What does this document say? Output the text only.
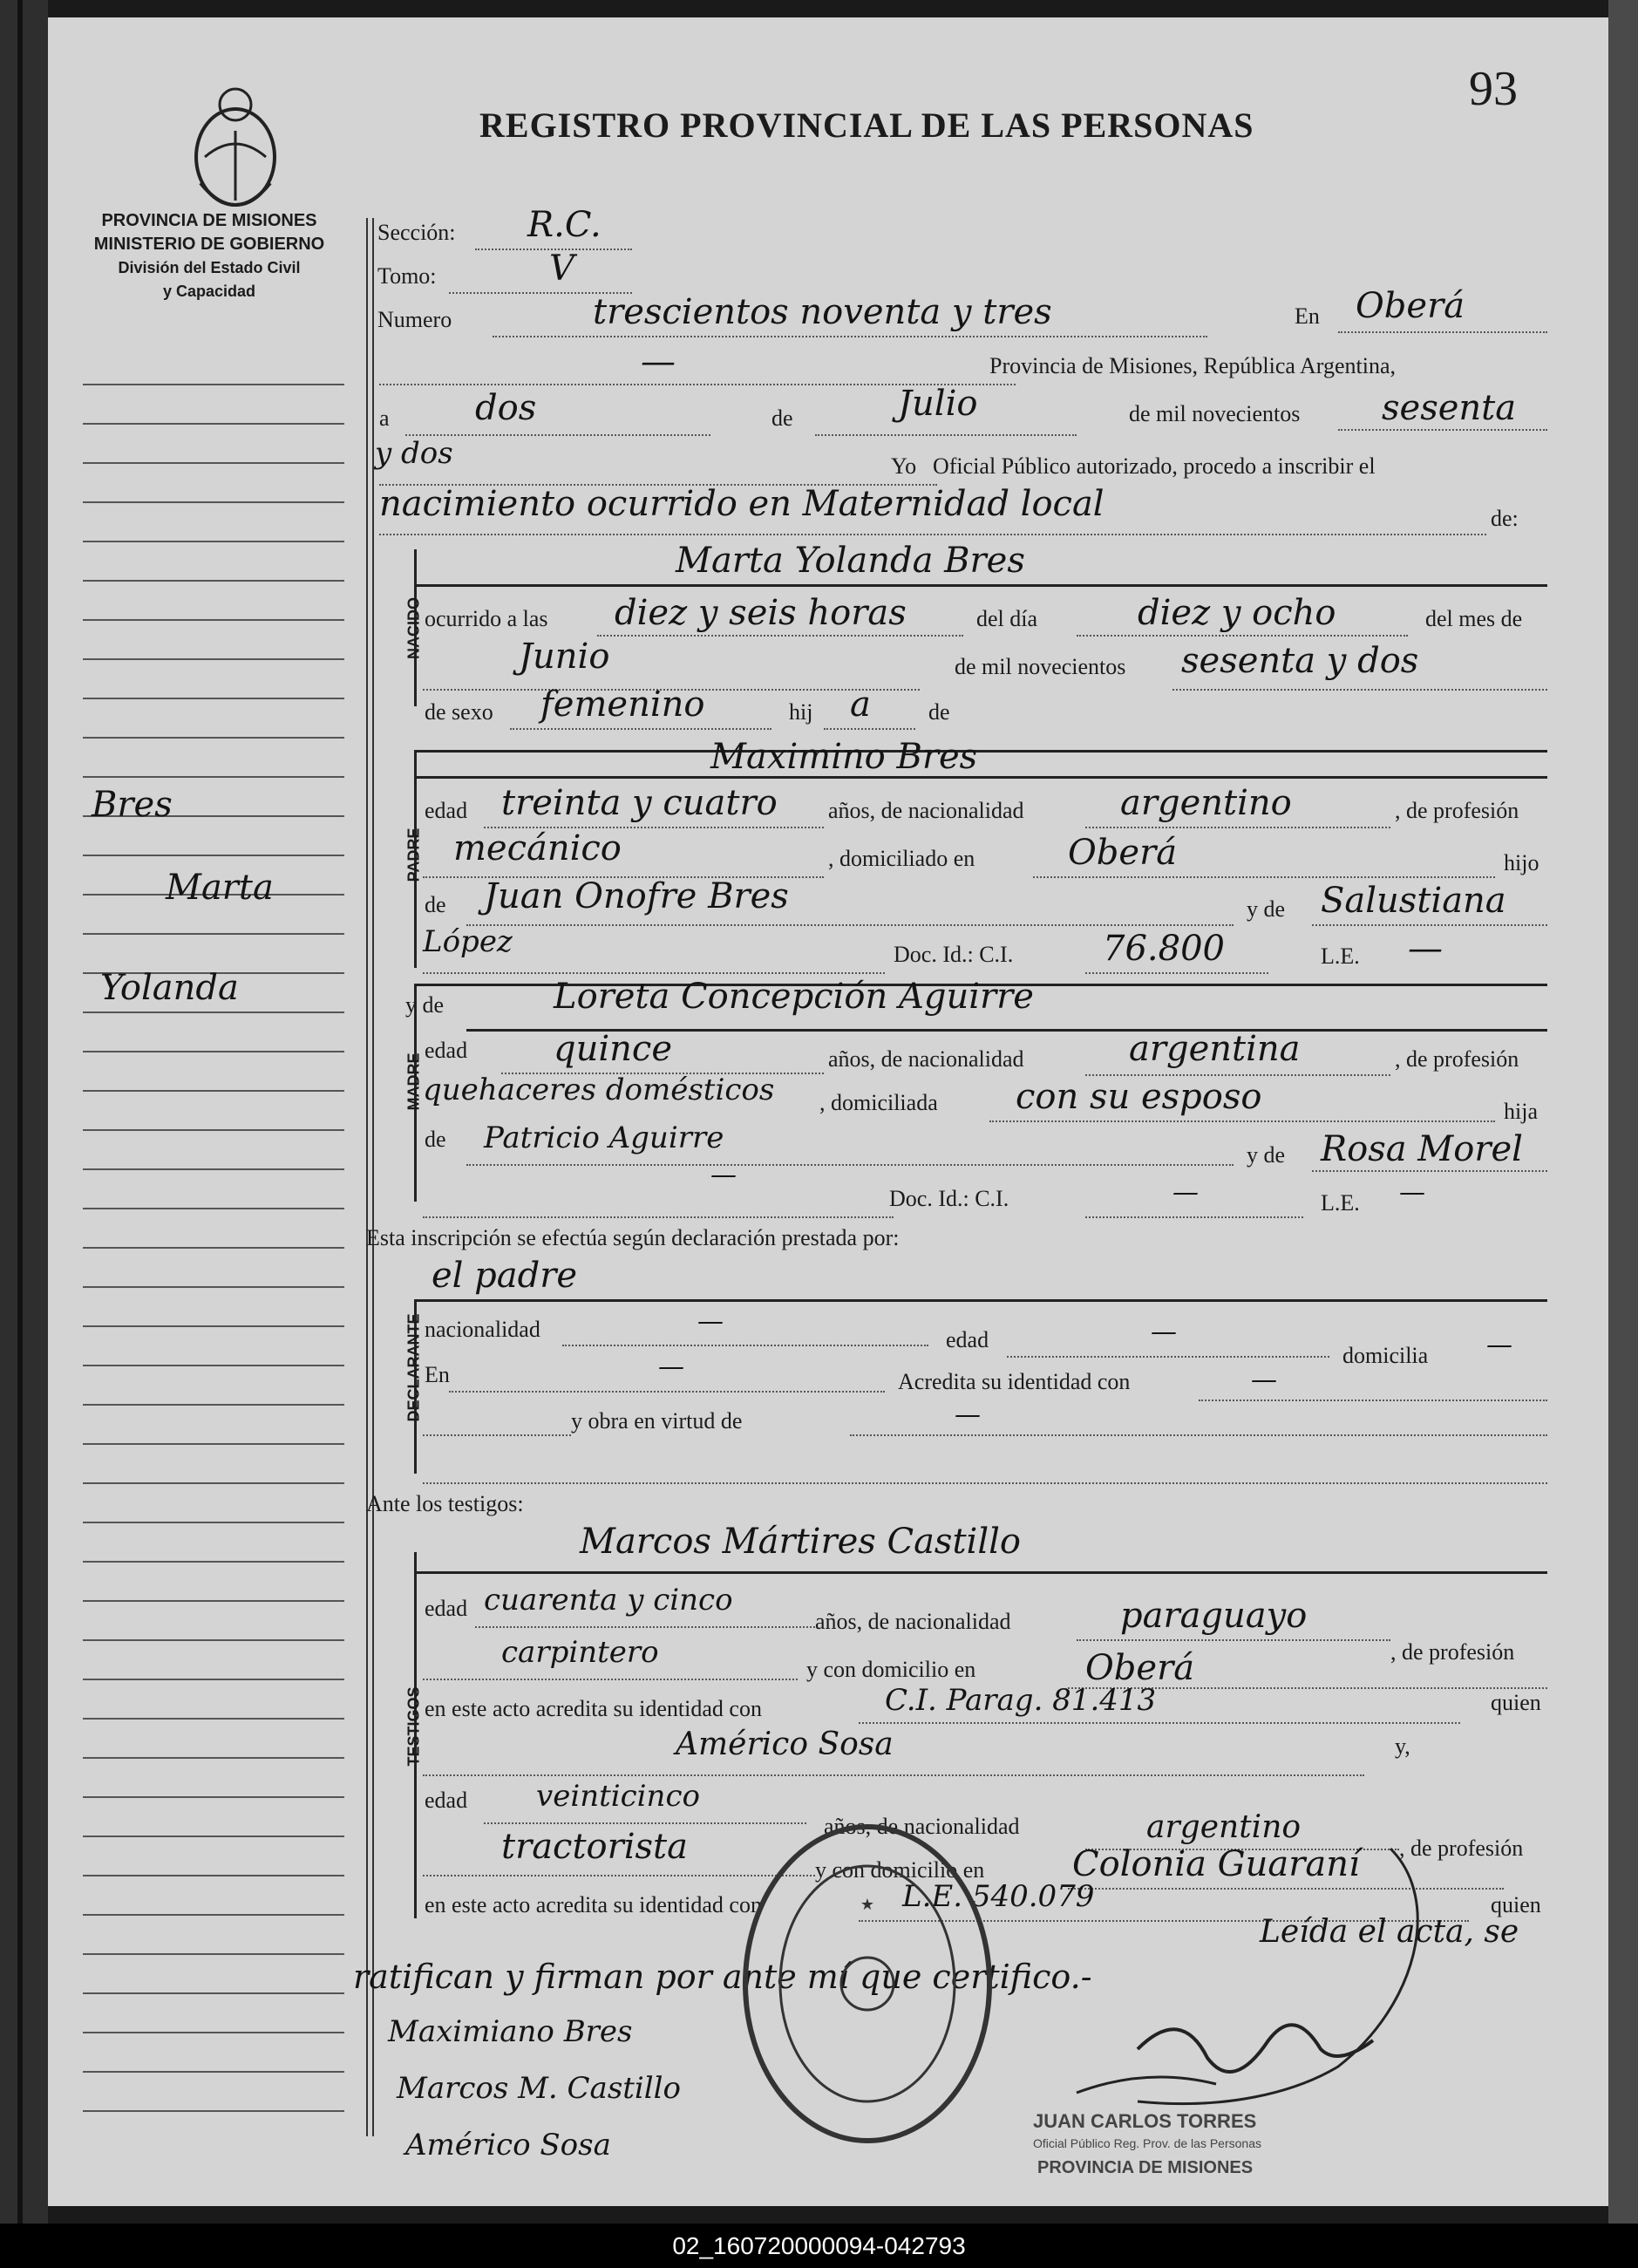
PROVINCIA DE MISIONES
MINISTERIO DE GOBIERNO
División del Estado Civil
y Capacidad
REGISTRO PROVINCIAL DE LAS PERSONAS
93
Bres
Marta
Yolanda
Sección: R.C.
Tomo:	V
Numero	trescientos noventa y tres	En Oberá
—	Provincia de Misiones, República Argentina,
a dos	de	Julio	de mil novecientos sesenta
y dos	Yo Oficial Público autorizado, procedo a inscribir el
nacimiento ocurrido en Maternidad local	de:
NACIDO
Marta Yolanda Bres
ocurrido a las diez y seis horas	del día	diez y ocho	del mes de
Junio	de mil novecientos sesenta y dos
de sexo femenino	hij a	de
PADRE
Maximino Bres
edad treinta y cuatro años, de nacionalidad	argentino	, de profesión
mecánico	, domiciliado en	Oberá	hijo
de Juan Onofre Bres	y de Salustiana
López	Doc. Id.: C.I.	76.800	L.E. —
MADRE
y de	Loreta Concepción Aguirre
edad quince	años, de nacionalidad	argentina	, de profesión
quehaceres domésticos , domiciliada con su esposo	hija
de Patricio Aguirre	y de Rosa Morel
—
Doc. Id.: C.I.	—	L.E. —
Esta inscripción se efectúa según declaración prestada por:
el padre
DECLARANTE nacionalidad	—
edad	—
domicilia —
En	—	Acredita su identidad con	—
y obra en virtud de	—
Ante los testigos:
Marcos Mártires Castillo
TESTIGOS
edad cuarenta y cinco
años, de nacionalidad	paraguayo
, de profesión
carpintero	y con domicilio en	Oberá
en este acto acredita su identidad con	C.I. Parag. 81.413	quien
Américo Sosa	y,
edad veinticinco
años, de nacionalidad	argentino
, de profesión
tractorista
y con domicilio en	Colonia Guaraní
en este acto acredita su identidad con	L.E. 540.079	quien
Leída el acta, se
ratifican y firman por ante mí que certifico.-
Maximiano Bres
Marcos M. Castillo
Américo Sosa
★
JUAN CARLOS TORRES
Oficial Público Reg. Prov. de las Personas
PROVINCIA DE MISIONES
02_160720000094-042793
